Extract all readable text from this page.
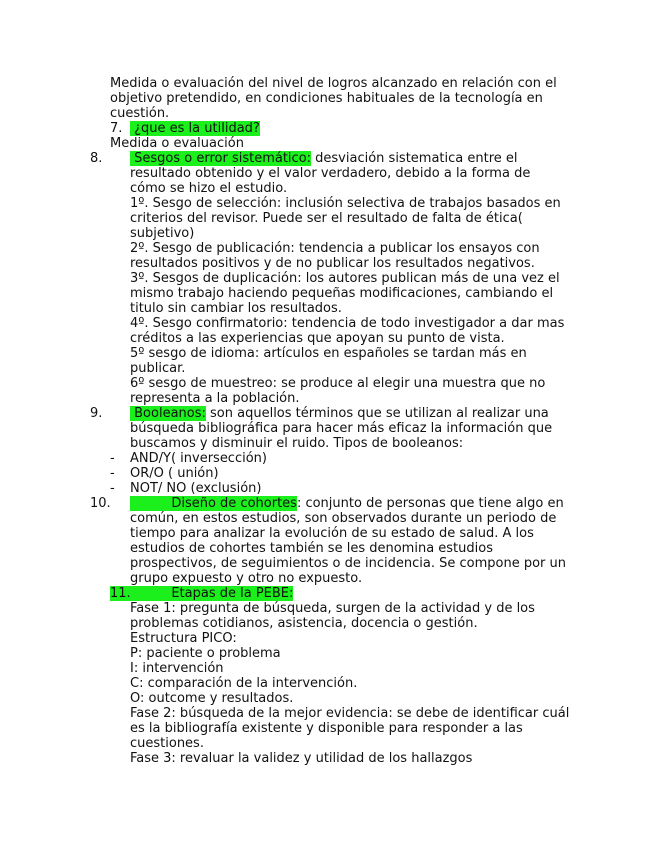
Medida o evaluación del nivel de logros alcanzado en relación con el objetivo pretendido, en condiciones habituales de la tecnología en cuestión.

7. ¿que es la utilidad?

Medida o evaluación

8. Sesgos o error sistemático: desviación sistematica entre el resultado obtenido y el valor verdadero, debido a la forma de cómo se hizo el estudio.

1º. Sesgo de selección: inclusión selectiva de trabajos basados en criterios del revisor. Puede ser el resultado de falta de ética( subjetivo)

2º. Sesgo de publicación: tendencia a publicar los ensayos con resultados positivos y de no publicar los resultados negativos.

3º. Sesgos de duplicación: los autores publican más de una vez el mismo trabajo haciendo pequeñas modificaciones, cambiando el titulo sin cambiar los resultados.

4º. Sesgo confirmatorio: tendencia de todo investigador a dar mas créditos a las experiencias que apoyan su punto de vista.

5º sesgo de idioma: artículos en españoles se tardan más en publicar.

6º sesgo de muestreo: se produce al elegir una muestra que no representa a la población.

9. Booleanos: son aquellos términos que se utilizan al realizar una búsqueda bibliográfica para hacer más eficaz la información que buscamos y disminuir el ruido. Tipos de booleanos:

- AND/Y( inversección)

- OR/O ( unión)

- NOT/ NO (exclusión)

10.          Diseño de cohortes: conjunto de personas que tiene algo en común, en estos estudios, son observados durante un periodo de tiempo para analizar la evolución de su estado de salud. A los estudios de cohortes también se les denomina estudios prospectivos, de seguimientos o de incidencia. Se compone por un grupo expuesto y otro no expuesto.

11.          Etapas de la PEBE:

Fase 1: pregunta de búsqueda, surgen de la actividad y de los problemas cotidianos, asistencia, docencia o gestión.

Estructura PICO:

P: paciente o problema

I: intervención

C: comparación de la intervención.

O: outcome y resultados.

Fase 2: búsqueda de la mejor evidencia: se debe de identificar cuál es la bibliografía existente y disponible para responder a las cuestiones.

Fase 3: revaluar la validez y utilidad de los hallazgos
